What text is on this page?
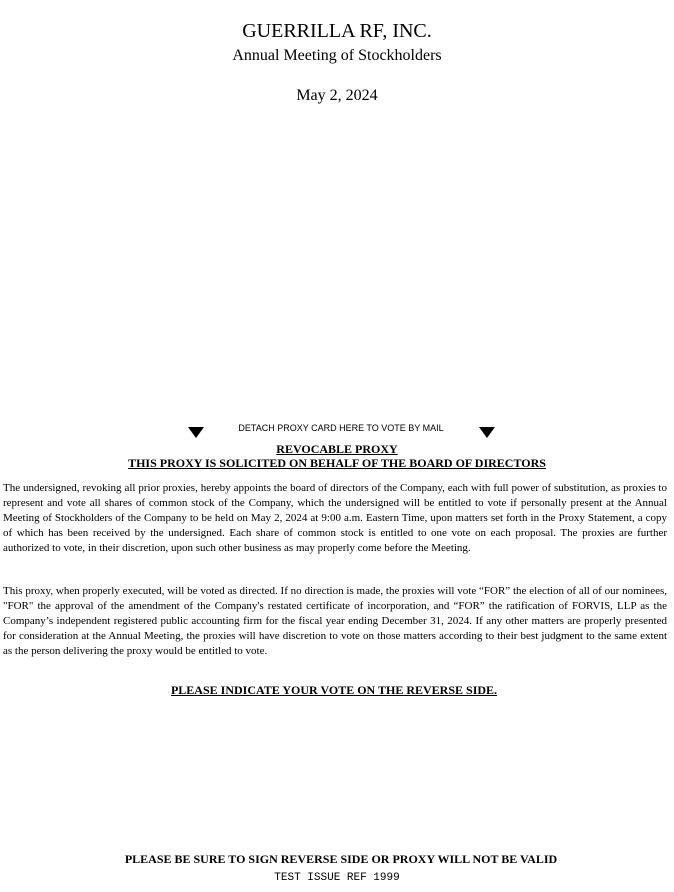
GUERRILLA RF, INC.
Annual Meeting of Stockholders
May 2, 2024
DETACH PROXY CARD HERE TO VOTE BY MAIL
REVOCABLE PROXY
THIS PROXY IS SOLICITED ON BEHALF OF THE BOARD OF DIRECTORS

The undersigned, revoking all prior proxies, hereby appoints the board of directors of the Company, each with full power of substitution, as proxies to represent and vote all shares of common stock of the Company, which the undersigned will be entitled to vote if personally present at the Annual Meeting of Stockholders of the Company to be held on May 2, 2024 at 9:00 a.m. Eastern Time, upon matters set forth in the Proxy Statement, a copy of which has been received by the undersigned. Each share of common stock is entitled to one vote on each proposal. The proxies are further authorized to vote, in their discretion, upon such other business as may properly come before the Meeting.

This proxy, when properly executed, will be voted as directed. If no direction is made, the proxies will vote “FOR” the election of all of our nominees, "FOR" the approval of the amendment of the Company's restated certificate of incorporation, and “FOR” the ratification of FORVIS, LLP as the Company’s independent registered public accounting firm for the fiscal year ending December 31, 2024. If any other matters are properly presented for consideration at the Annual Meeting, the proxies will have discretion to vote on those matters according to their best judgment to the same extent as the person delivering the proxy would be entitled to vote.

PLEASE INDICATE YOUR VOTE ON THE REVERSE SIDE.
PLEASE BE SURE TO SIGN REVERSE SIDE OR PROXY WILL NOT BE VALID
TEST ISSUE REF 1999
